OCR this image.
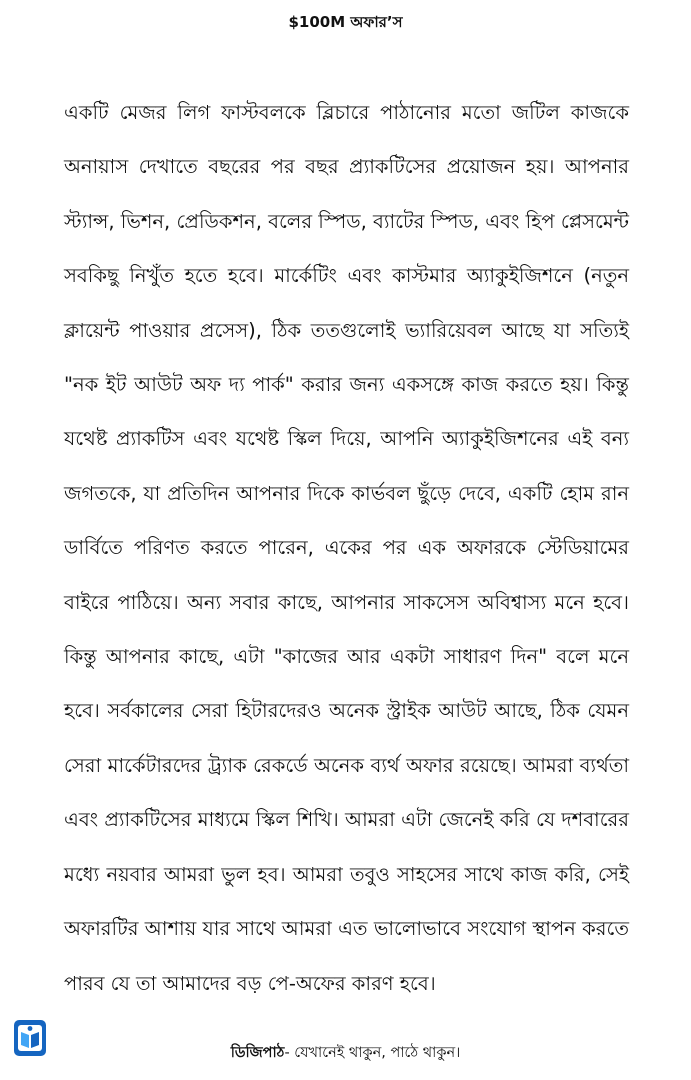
$100M অফার’স

একটি মেজর লিগ ফাস্টবলকে ব্লিচারে পাঠানোর মতো জটিল কাজকে অনায়াস দেখাতে বছরের পর বছর প্র্যাকটিসের প্রয়োজন হয়। আপনার স্ট্যান্স, ভিশন, প্রেডিকশন, বলের স্পিড, ব্যাটের স্পিড, এবং হিপ প্লেসমেন্ট সবকিছু নিখুঁত হতে হবে। মার্কেটিং এবং কাস্টমার অ্যাকুইজিশনে (নতুন ক্লায়েন্ট পাওয়ার প্রসেস), ঠিক ততগুলোই ভ্যারিয়েবল আছে যা সত্যিই "নক ইট আউট অফ দ্য পার্ক" করার জন্য একসঙ্গে কাজ করতে হয়। কিন্তু যথেষ্ট প্র্যাকটিস এবং যথেষ্ট স্কিল দিয়ে, আপনি অ্যাকুইজিশনের এই বন্য জগতকে, যা প্রতিদিন আপনার দিকে কার্ভবল ছুঁড়ে দেবে, একটি হোম রান ডার্বিতে পরিণত করতে পারেন, একের পর এক অফারকে স্টেডিয়ামের বাইরে পাঠিয়ে। অন্য সবার কাছে, আপনার সাকসেস অবিশ্বাস্য মনে হবে। কিন্তু আপনার কাছে, এটা "কাজের আর একটা সাধারণ দিন" বলে মনে হবে। সর্বকালের সেরা হিটারদেরও অনেক স্ট্রাইক আউট আছে, ঠিক যেমন সেরা মার্কেটারদের ট্র্যাক রেকর্ডে অনেক ব্যর্থ অফার রয়েছে। আমরা ব্যর্থতা এবং প্র্যাকটিসের মাধ্যমে স্কিল শিখি। আমরা এটা জেনেই করি যে দশবারের মধ্যে নয়বার আমরা ভুল হব। আমরা তবুও সাহসের সাথে কাজ করি, সেই অফারটির আশায় যার সাথে আমরা এত ভালোভাবে সংযোগ স্থাপন করতে পারব যে তা আমাদের বড় পে-অফের কারণ হবে।

ডিজিপাঠ- যেখানেই থাকুন, পাঠে থাকুন।
